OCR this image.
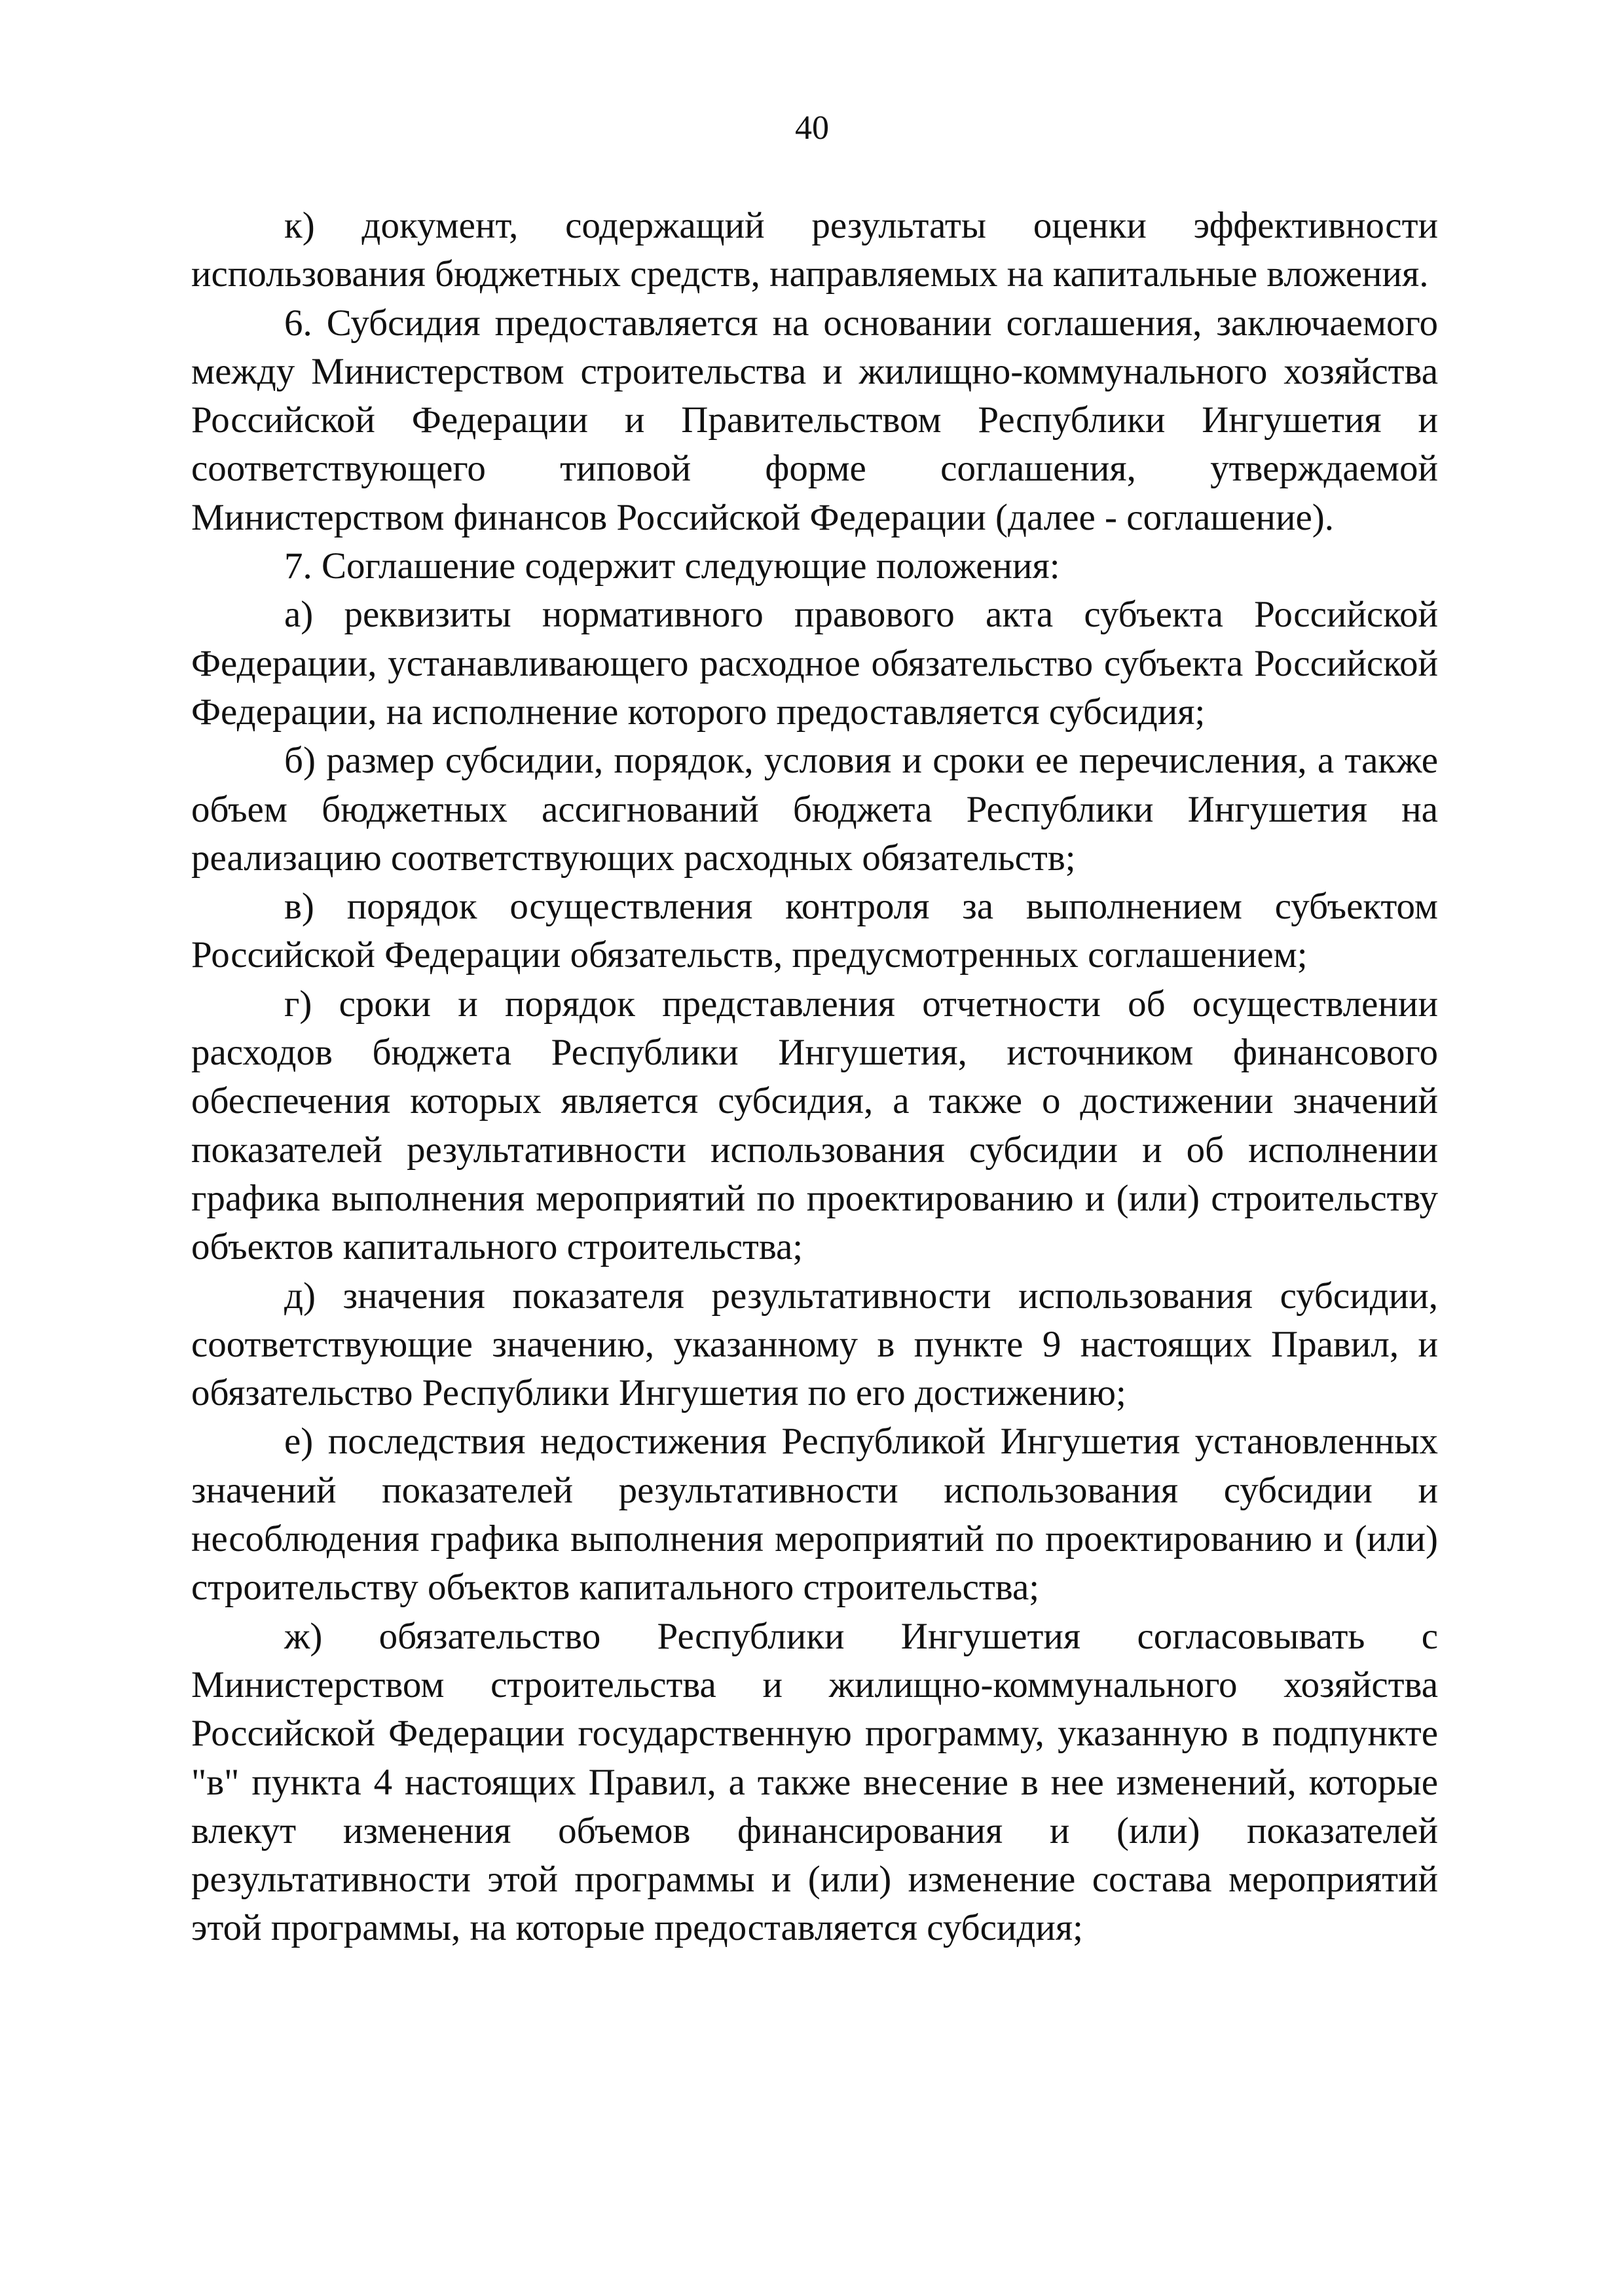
40

к) документ, содержащий результаты оценки эффективности использования бюджетных средств, направляемых на капитальные вложения.

6. Субсидия предоставляется на основании соглашения, заключаемого между Министерством строительства и жилищно-коммунального хозяйства Российской Федерации и Правительством Республики Ингушетия и соответствующего типовой форме соглашения, утверждаемой Министерством финансов Российской Федерации (далее - соглашение).

7. Соглашение содержит следующие положения:

а) реквизиты нормативного правового акта субъекта Российской Федерации, устанавливающего расходное обязательство субъекта Российской Федерации, на исполнение которого предоставляется субсидия;

б) размер субсидии, порядок, условия и сроки ее перечисления, а также объем бюджетных ассигнований бюджета Республики Ингушетия на реализацию соответствующих расходных обязательств;

в) порядок осуществления контроля за выполнением субъектом Российской Федерации обязательств, предусмотренных соглашением;

г) сроки и порядок представления отчетности об осуществлении расходов бюджета Республики Ингушетия, источником финансового обеспечения которых является субсидия, а также о достижении значений показателей результативности использования субсидии и об исполнении графика выполнения мероприятий по проектированию и (или) строительству объектов капитального строительства;

д) значения показателя результативности использования субсидии, соответствующие значению, указанному в пункте 9 настоящих Правил, и обязательство Республики Ингушетия по его достижению;

е) последствия недостижения Республикой Ингушетия установленных значений показателей результативности использования субсидии и несоблюдения графика выполнения мероприятий по проектированию и (или) строительству объектов капитального строительства;

ж) обязательство Республики Ингушетия согласовывать с Министерством строительства и жилищно-коммунального хозяйства Российской Федерации государственную программу, указанную в подпункте "в" пункта 4 настоящих Правил, а также внесение в нее изменений, которые влекут изменения объемов финансирования и (или) показателей результативности этой программы и (или) изменение состава мероприятий этой программы, на которые предоставляется субсидия;
